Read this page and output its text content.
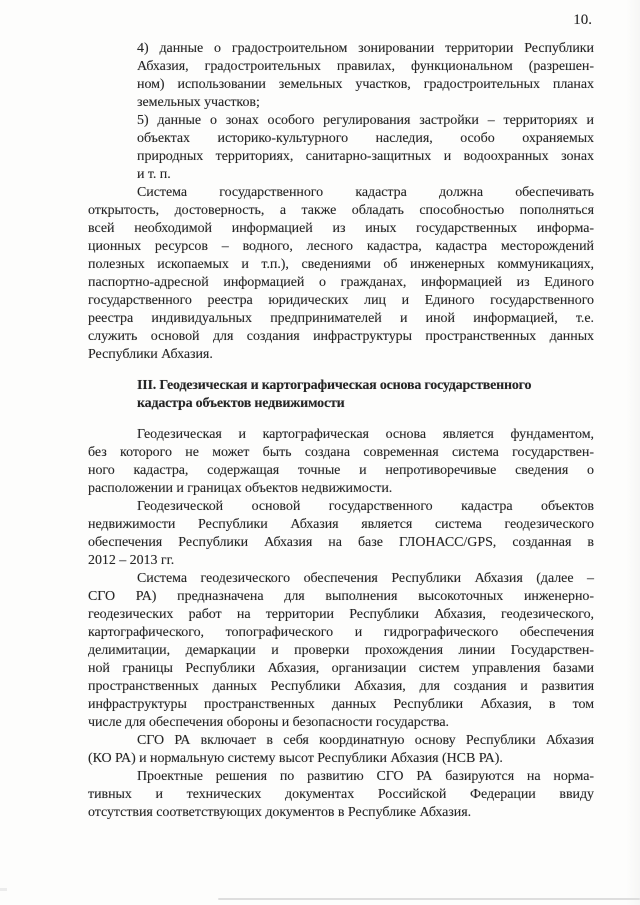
10.
4) данные о градостроительном зонировании территории Республики
Абхазия, градостроительных правилах, функциональном (разрешен-
ном) использовании земельных участков, градостроительных планах
земельных участков;
5) данные о зонах особого регулирования застройки – территориях и
объектах историко-культурного наследия, особо охраняемых
природных территориях, санитарно-защитных и водоохранных зонах
и т. п.
Система государственного кадастра должна обеспечивать
открытость, достоверность, а также обладать способностью пополняться
всей необходимой информацией из иных государственных информа-
ционных ресурсов – водного, лесного кадастра, кадастра месторождений
полезных ископаемых и т.п.), сведениями об инженерных коммуникациях,
паспортно-адресной информацией о гражданах, информацией из Единого
государственного реестра юридических лиц и Единого государственного
реестра индивидуальных предпринимателей и иной информацией, т.е.
служить основой для создания инфраструктуры пространственных данных
Республики Абхазия.
III. Геодезическая и картографическая основа государственного
кадастра объектов недвижимости
Геодезическая и картографическая основа является фундаментом,
без которого не может быть создана современная система государствен-
ного кадастра, содержащая точные и непротиворечивые сведения о
расположении и границах объектов недвижимости.
Геодезической основой государственного кадастра объектов
недвижимости Республики Абхазия является система геодезического
обеспечения Республики Абхазия на базе ГЛОНАСС/GPS, созданная в
2012 – 2013 гг.
Система геодезического обеспечения Республики Абхазия (далее –
СГО РА) предназначена для выполнения высокоточных инженерно-
геодезических работ на территории Республики Абхазия, геодезического,
картографического, топографического и гидрографического обеспечения
делимитации, демаркации и проверки прохождения линии Государствен-
ной границы Республики Абхазия, организации систем управления базами
пространственных данных Республики Абхазия, для создания и развития
инфраструктуры пространственных данных Республики Абхазия, в том
числе для обеспечения обороны и безопасности государства.
СГО РА включает в себя координатную основу Республики Абхазия
(КО РА) и нормальную систему высот Республики Абхазия (НСВ РА).
Проектные решения по развитию СГО РА базируются на норма-
тивных и технических документах Российской Федерации ввиду
отсутствия соответствующих документов в Республике Абхазия.
